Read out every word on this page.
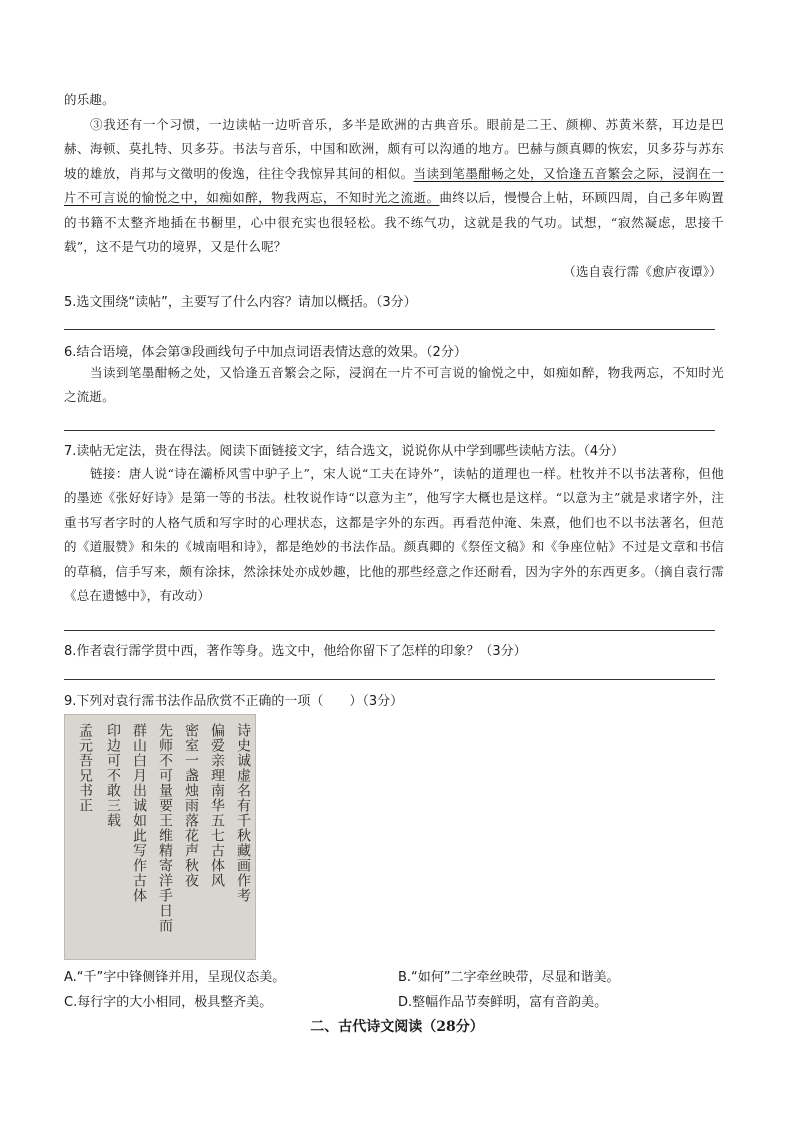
的乐趣。
③我还有一个习惯，一边读帖一边听音乐，多半是欧洲的古典音乐。眼前是二王、颜柳、苏黄米蔡，耳边是巴赫、海顿、莫扎特、贝多芬。书法与音乐，中国和欧洲，颇有可以沟通的地方。巴赫与颜真卿的恢宏，贝多芬与苏东坡的雄放，肖邦与文徵明的俊逸，往往令我惊异其间的相似。当读到笔墨酣畅之处，又恰逢五音繁会之际，浸润在一片不可言说的愉悦之中，如痴如醉，物我两忘，不知时光之流逝。曲终以后，慢慢合上帖，环顾四周，自己多年购置的书籍不太整齐地插在书橱里，心中很充实也很轻松。我不练气功，这就是我的气功。试想，“寂然凝虑，思接千载”，这不是气功的境界，又是什么呢？
（选自袁行霈《愈庐夜谭》）
5.选文围绕“读帖”，主要写了什么内容？请加以概括。（3分）
6.结合语境，体会第③段画线句子中加点词语表情达意的效果。（2分）
当读到笔墨酣畅之处，又恰逢五音繁会之际，浸润在一片不可言说的愉悦之中，如痴如醉，物我两忘，不知时光之流逝。
7.读帖无定法，贵在得法。阅读下面链接文字，结合选文，说说你从中学到哪些读帖方法。（4分）
链接：唐人说“诗在灞桥风雪中驴子上”，宋人说“工夫在诗外”，读帖的道理也一样。杜牧并不以书法著称，但他的墨迹《张好好诗》是第一等的书法。杜牧说作诗“以意为主”，他写字大概也是这样。“以意为主”就是求诸字外，注重书写者字时的人格气质和写字时的心理状态，这都是字外的东西。再看范仲淹、朱熹，他们也不以书法著名，但范的《道服赞》和朱的《城南唱和诗》，都是绝妙的书法作品。颜真卿的《祭侄文稿》和《争座位帖》不过是文章和书信的草稿，信手写来，颇有涂抹，然涂抹处亦成妙趣，比他的那些经意之作还耐看，因为字外的东西更多。（摘自袁行霈《总在遗憾中》，有改动）
8.作者袁行霈学贯中西，著作等身。选文中，他给你留下了怎样的印象？（3分）
9.下列对袁行霈书法作品欣赏不正确的一项（　　）（3分）
诗史诚虚名有千秋藏画作考
偏爱亲理南华五七古体风
密室一盏烛雨落花声秋夜
先师不可量要王维精寄洋手日而
群山白月出诚如此写作古体
印边可不敢三载
孟元吾兄书正
A.“千”字中锋侧锋并用，呈现仪态美。	B.“如何”二字牵丝映带，尽显和谐美。
C.每行字的大小相同，极具整齐美。	D.整幅作品节奏鲜明，富有音韵美。
二、古代诗文阅读（28分）
